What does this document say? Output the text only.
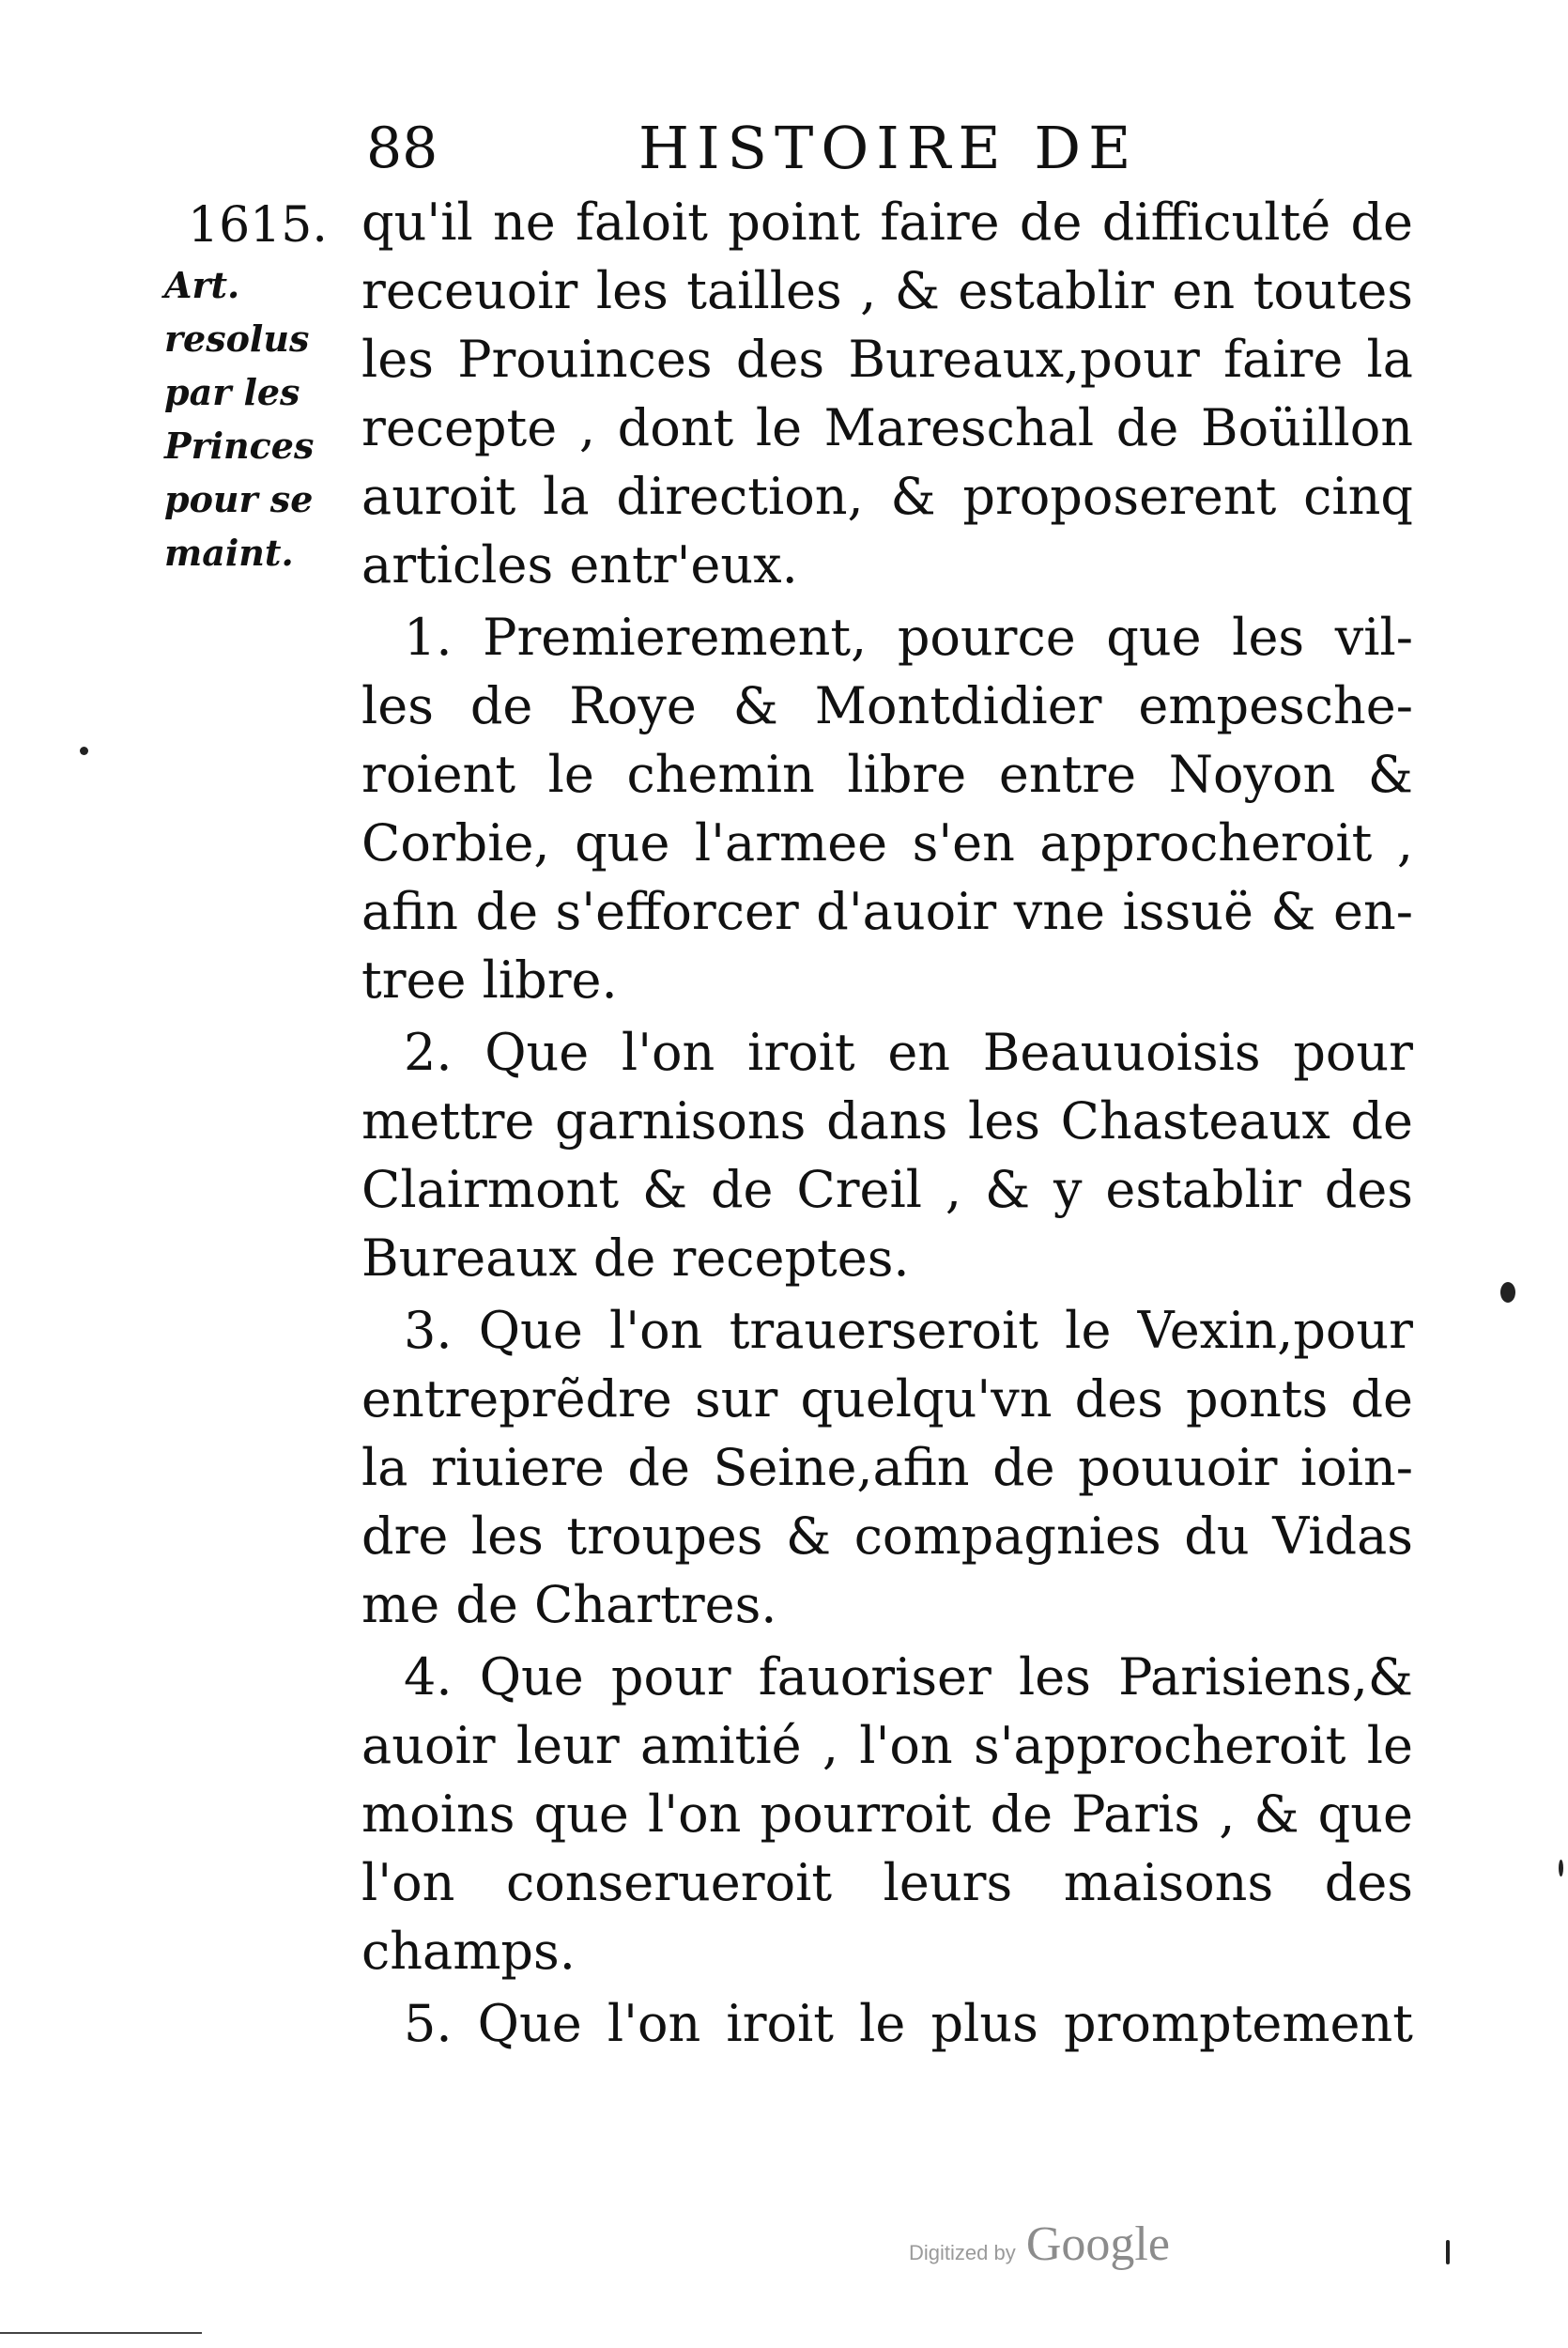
88	HISTOIRE DE
1615.
Art.
resolus
par les
Princes
pour se
maint.
qu'il ne faloit point faire de difficulté de
receuoir les tailles , & establir en toutes
les Prouinces des Bureaux,pour faire la
recepte , dont le Mareschal de Boüillon
auroit la direction, & proposerent cinq
articles entr'eux.
1. Premierement, pource que les vil-
les de Roye & Montdidier empesche-
roient le chemin libre entre Noyon &
Corbie, que l'armee s'en approcheroit ,
afin de s'efforcer d'auoir vne issuë & en-
tree libre.
2. Que l'on iroit en Beauuoisis pour
mettre garnisons dans les Chasteaux de
Clairmont & de Creil , & y establir des
Bureaux de receptes.
3. Que l'on trauerseroit le Vexin,pour
entreprẽdre sur quelqu'vn des ponts de
la riuiere de Seine,afin de pouuoir ioin-
dre les troupes & compagnies du Vidas
me de Chartres.
4. Que pour fauoriser les Parisiens,&
auoir leur amitié , l'on s'approcheroit le
moins que l'on pourroit de Paris , & que
l'on conserueroit leurs maisons des
champs.
5. Que l'on iroit le plus promptement
Digitized by Google
